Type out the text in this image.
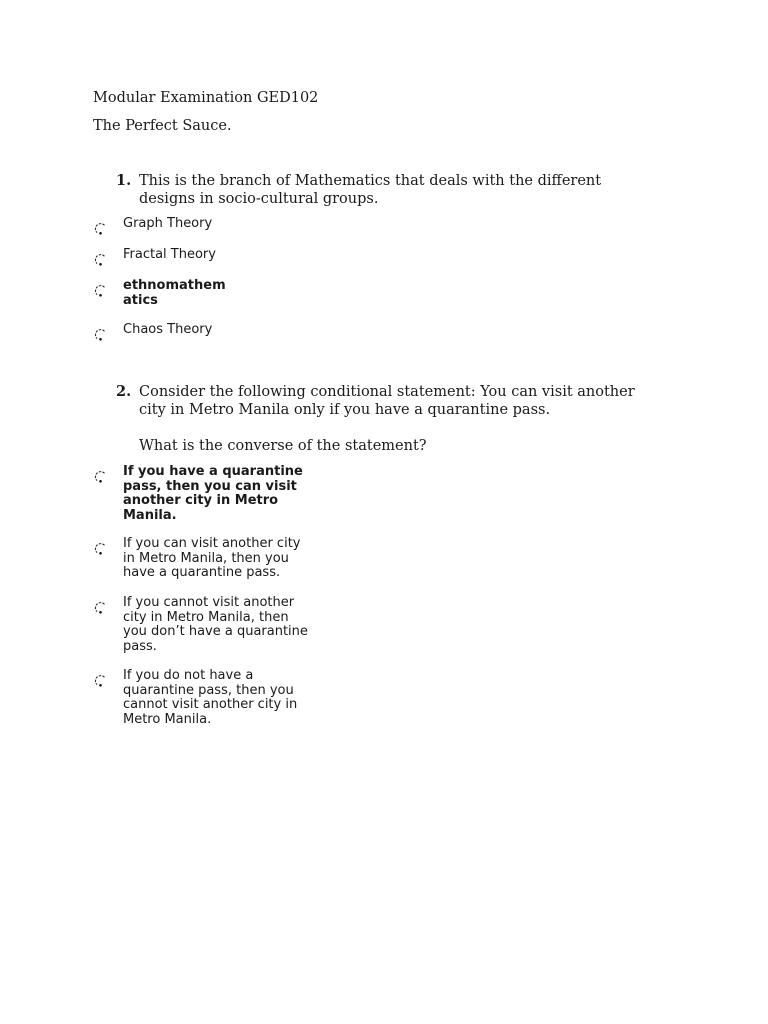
Modular Examination GED102
The Perfect Sauce.
1. This is the branch of Mathematics that deals with the different designs in socio-cultural groups.
Graph Theory
Fractal Theory
ethnomathem atics
Chaos Theory
2. Consider the following conditional statement: You can visit another city in Metro Manila only if you have a quarantine pass.
What is the converse of the statement?
If you have a quarantine pass, then you can visit another city in Metro Manila.
If you can visit another city in Metro Manila, then you have a quarantine pass.
If you cannot visit another city in Metro Manila, then you don’t have a quarantine pass.
If you do not have a quarantine pass, then you cannot visit another city in Metro Manila.
